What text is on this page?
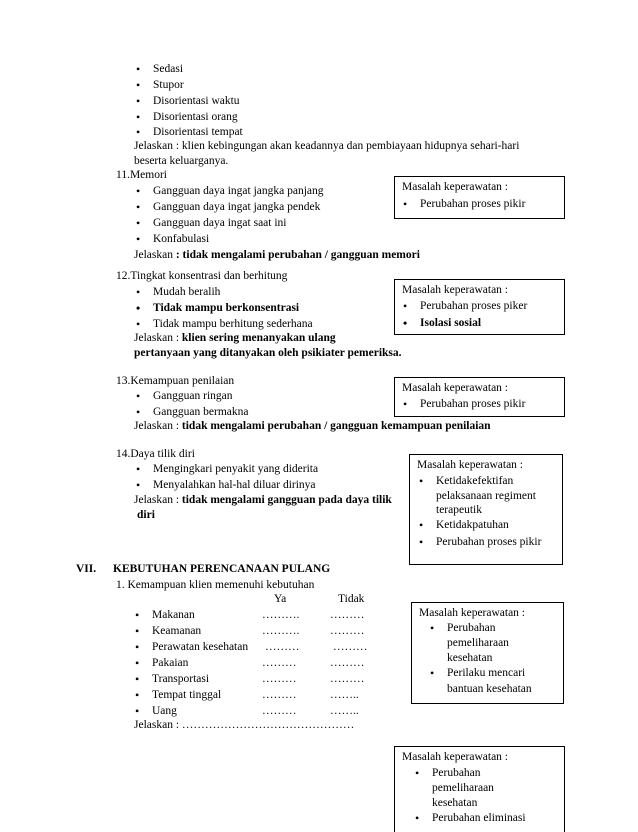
• Sedasi
• Stupor
• Disorientasi waktu
• Disorientasi orang
• Disorientasi tempat
Jelaskan : klien kebingungan akan keadannya dan pembiayaan hidupnya sehari-hari
beserta keluarganya.
11.Memori
• Gangguan daya ingat jangka panjang
• Gangguan daya ingat jangka pendek
• Gangguan daya ingat saat ini
• Konfabulasi
Jelaskan : tidak mengalami perubahan / gangguan memori
Masalah keperawatan :
• Perubahan proses pikir
12.Tingkat konsentrasi dan berhitung
• Mudah beralih
• Tidak mampu berkonsentrasi
• Tidak mampu berhitung sederhana
Jelaskan : klien sering menanyakan ulang
pertanyaan yang ditanyakan oleh psikiater pemeriksa.
Masalah keperawatan :
• Perubahan proses piker
• Isolasi sosial
13.Kemampuan penilaian
• Gangguan ringan
• Gangguan bermakna
Jelaskan : tidak mengalami perubahan / gangguan kemampuan penilaian
Masalah keperawatan :
• Perubahan proses pikir
14.Daya tilik diri
• Mengingkari penyakit yang diderita
• Menyalahkan hal-hal diluar dirinya
Jelaskan : tidak mengalami gangguan pada daya tilik
diri
Masalah keperawatan :
• Ketidakefektifan
pelaksanaan regiment
terapeutik
• Ketidakpatuhan
• Perubahan proses pikir
VII. KEBUTUHAN PERENCANAAN PULANG
1. Kemampuan klien memenuhi kebutuhan
Ya	Tidak
• Makanan	……….	………
• Keamanan	……….	………
• Perawatan kesehatan ………	………
• Pakaian	………	………
• Transportasi	………	………
• Tempat tinggal	………	……..
• Uang	………	……..
Jelaskan : ………………………………………
Masalah keperawatan :
• Perubahan
pemeliharaan
kesehatan
• Perilaku mencari
bantuan kesehatan
Masalah keperawatan :
• Perubahan
pemeliharaan
kesehatan
• Perubahan eliminasi
